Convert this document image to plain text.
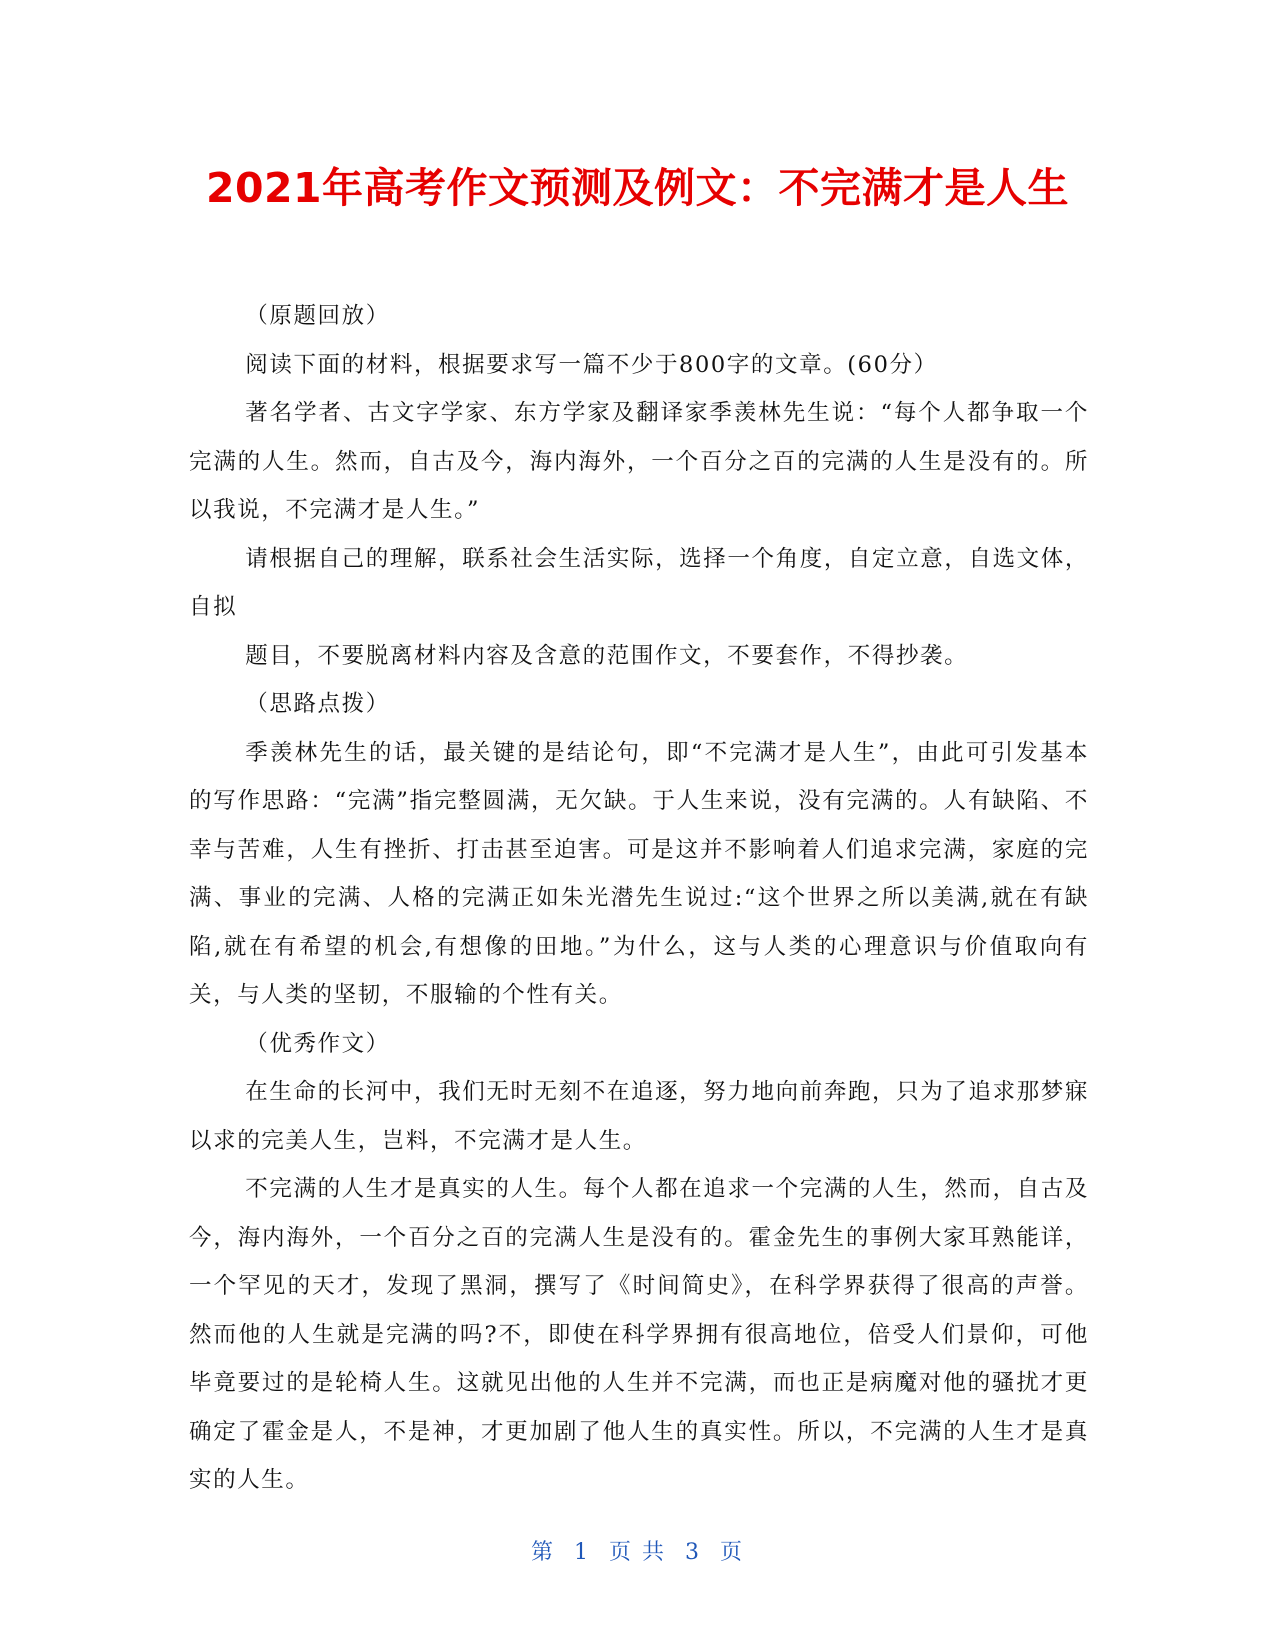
2021年高考作文预测及例文：不完满才是人生

（原题回放）

阅读下面的材料，根据要求写一篇不少于800字的文章。(60分）

著名学者、古文字学家、东方学家及翻译家季羡林先生说：“每个人都争取一个完满的人生。然而，自古及今，海内海外，一个百分之百的完满的人生是没有的。所以我说，不完满才是人生。”

请根据自己的理解，联系社会生活实际，选择一个角度，自定立意，自选文体，自拟

题目，不要脱离材料内容及含意的范围作文，不要套作，不得抄袭。

（思路点拨）

季羡林先生的话，最关键的是结论句，即“不完满才是人生”，由此可引发基本的写作思路：“完满”指完整圆满，无欠缺。于人生来说，没有完满的。人有缺陷、不幸与苦难，人生有挫折、打击甚至迫害。可是这并不影响着人们追求完满，家庭的完满、事业的完满、人格的完满正如朱光潜先生说过:“这个世界之所以美满,就在有缺陷,就在有希望的机会,有想像的田地。”为什么，这与人类的心理意识与价值取向有关，与人类的坚韧，不服输的个性有关。

（优秀作文）

在生命的长河中，我们无时无刻不在追逐，努力地向前奔跑，只为了追求那梦寐以求的完美人生，岂料，不完满才是人生。

不完满的人生才是真实的人生。每个人都在追求一个完满的人生，然而，自古及今，海内海外，一个百分之百的完满人生是没有的。霍金先生的事例大家耳熟能详，一个罕见的天才，发现了黑洞，撰写了《时间简史》，在科学界获得了很高的声誉。然而他的人生就是完满的吗?不，即使在科学界拥有很高地位，倍受人们景仰，可他毕竟要过的是轮椅人生。这就见出他的人生并不完满，而也正是病魔对他的骚扰才更确定了霍金是人，不是神，才更加剧了他人生的真实性。所以，不完满的人生才是真实的人生。

第 1 页 共 3 页
